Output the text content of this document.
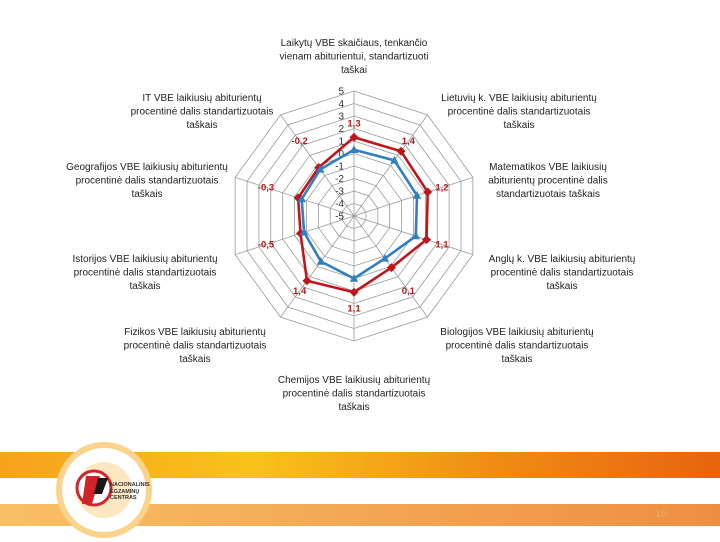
-5
-4
-3
-2
-1
0
1
2
3
4
5
1,3
1,4
1,2
1,1
0,1
1,1
1,4
-0,5
-0,3
-0,2
Laikytų VBE skaičiaus, tenkančio vienam abiturientui, standartizuoti taškai
Lietuvių k. VBE laikiusių abiturientų procentinė dalis standartizuotais taškais
Matematikos VBE laikiusių abiturientų procentinė dalis standartizuotais taškais
Anglų k. VBE laikiusių abiturientų procentinė dalis standartizuotais taškais
Biologijos VBE laikiusių abiturientų procentinė dalis standartizuotais taškais
Chemijos VBE laikiusių abiturientų procentinė dalis standartizuotais taškais
Fizikos VBE laikiusių abiturientų procentinė dalis standartizuotais taškais
Istorijos VBE laikiusių abiturientų procentinė dalis standartizuotais taškais
Geografijos VBE laikiusių abiturientų procentinė dalis standartizuotais taškais
IT VBE laikiusių abiturientų procentinė dalis standartizuotais taškais
NACIONALINIS
EGZAMINŲ
CENTRAS
16
